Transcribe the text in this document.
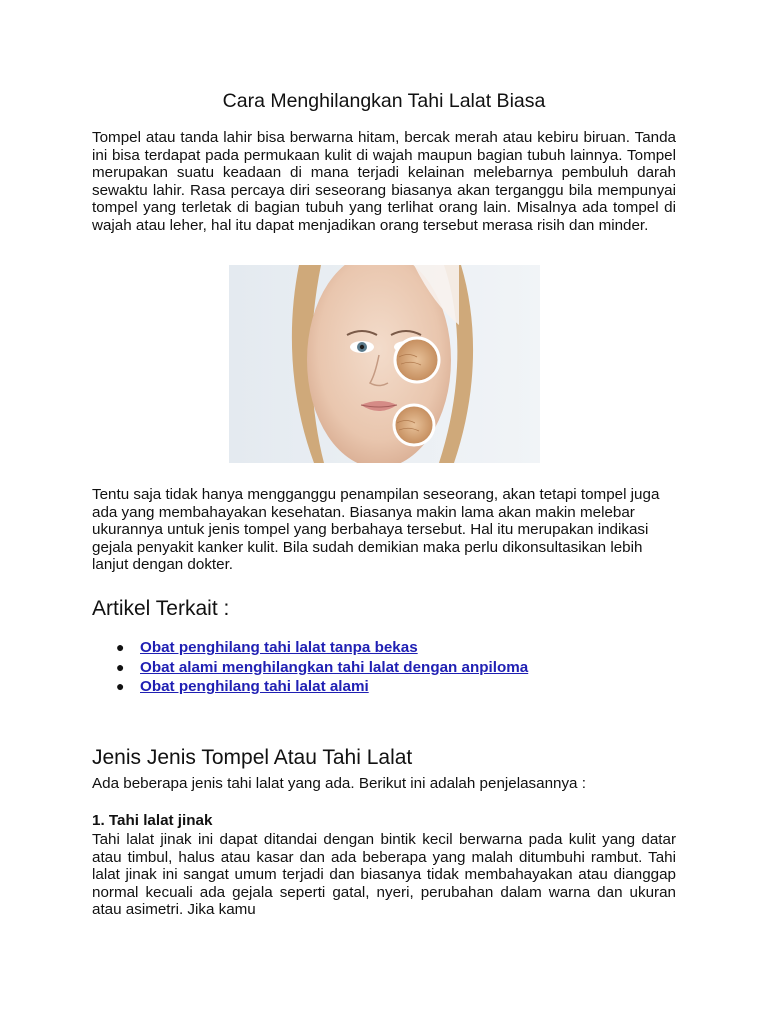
Cara Menghilangkan Tahi Lalat Biasa

Tompel atau tanda lahir bisa berwarna hitam, bercak merah atau kebiru biruan. Tanda ini bisa terdapat pada permukaan kulit di wajah maupun bagian tubuh lainnya. Tompel merupakan suatu keadaan di mana terjadi kelainan melebarnya pembuluh darah sewaktu lahir. Rasa percaya diri seseorang biasanya akan terganggu bila mempunyai tompel yang terletak di bagian tubuh yang terlihat orang lain. Misalnya ada tompel di wajah atau leher, hal itu dapat menjadikan orang tersebut merasa risih dan minder.

Tentu saja tidak hanya mengganggu penampilan seseorang, akan tetapi tompel juga ada yang membahayakan kesehatan. Biasanya makin lama akan makin melebar ukurannya untuk jenis tompel yang berbahaya tersebut. Hal itu merupakan indikasi gejala penyakit kanker kulit. Bila sudah demikian maka perlu dikonsultasikan lebih lanjut dengan dokter.

Artikel Terkait :
● Obat penghilang tahi lalat tanpa bekas
● Obat alami menghilangkan tahi lalat dengan anpiloma
● Obat penghilang tahi lalat alami
Jenis Jenis Tompel Atau Tahi Lalat

Ada beberapa jenis tahi lalat yang ada. Berikut ini adalah penjelasannya :

1. Tahi lalat jinak

Tahi lalat jinak ini dapat ditandai dengan bintik kecil berwarna pada kulit yang datar atau timbul, halus atau kasar dan ada beberapa yang malah ditumbuhi rambut. Tahi lalat jinak ini sangat umum terjadi dan biasanya tidak membahayakan atau dianggap normal kecuali ada gejala seperti gatal, nyeri, perubahan dalam warna dan ukuran atau asimetri. Jika kamu
